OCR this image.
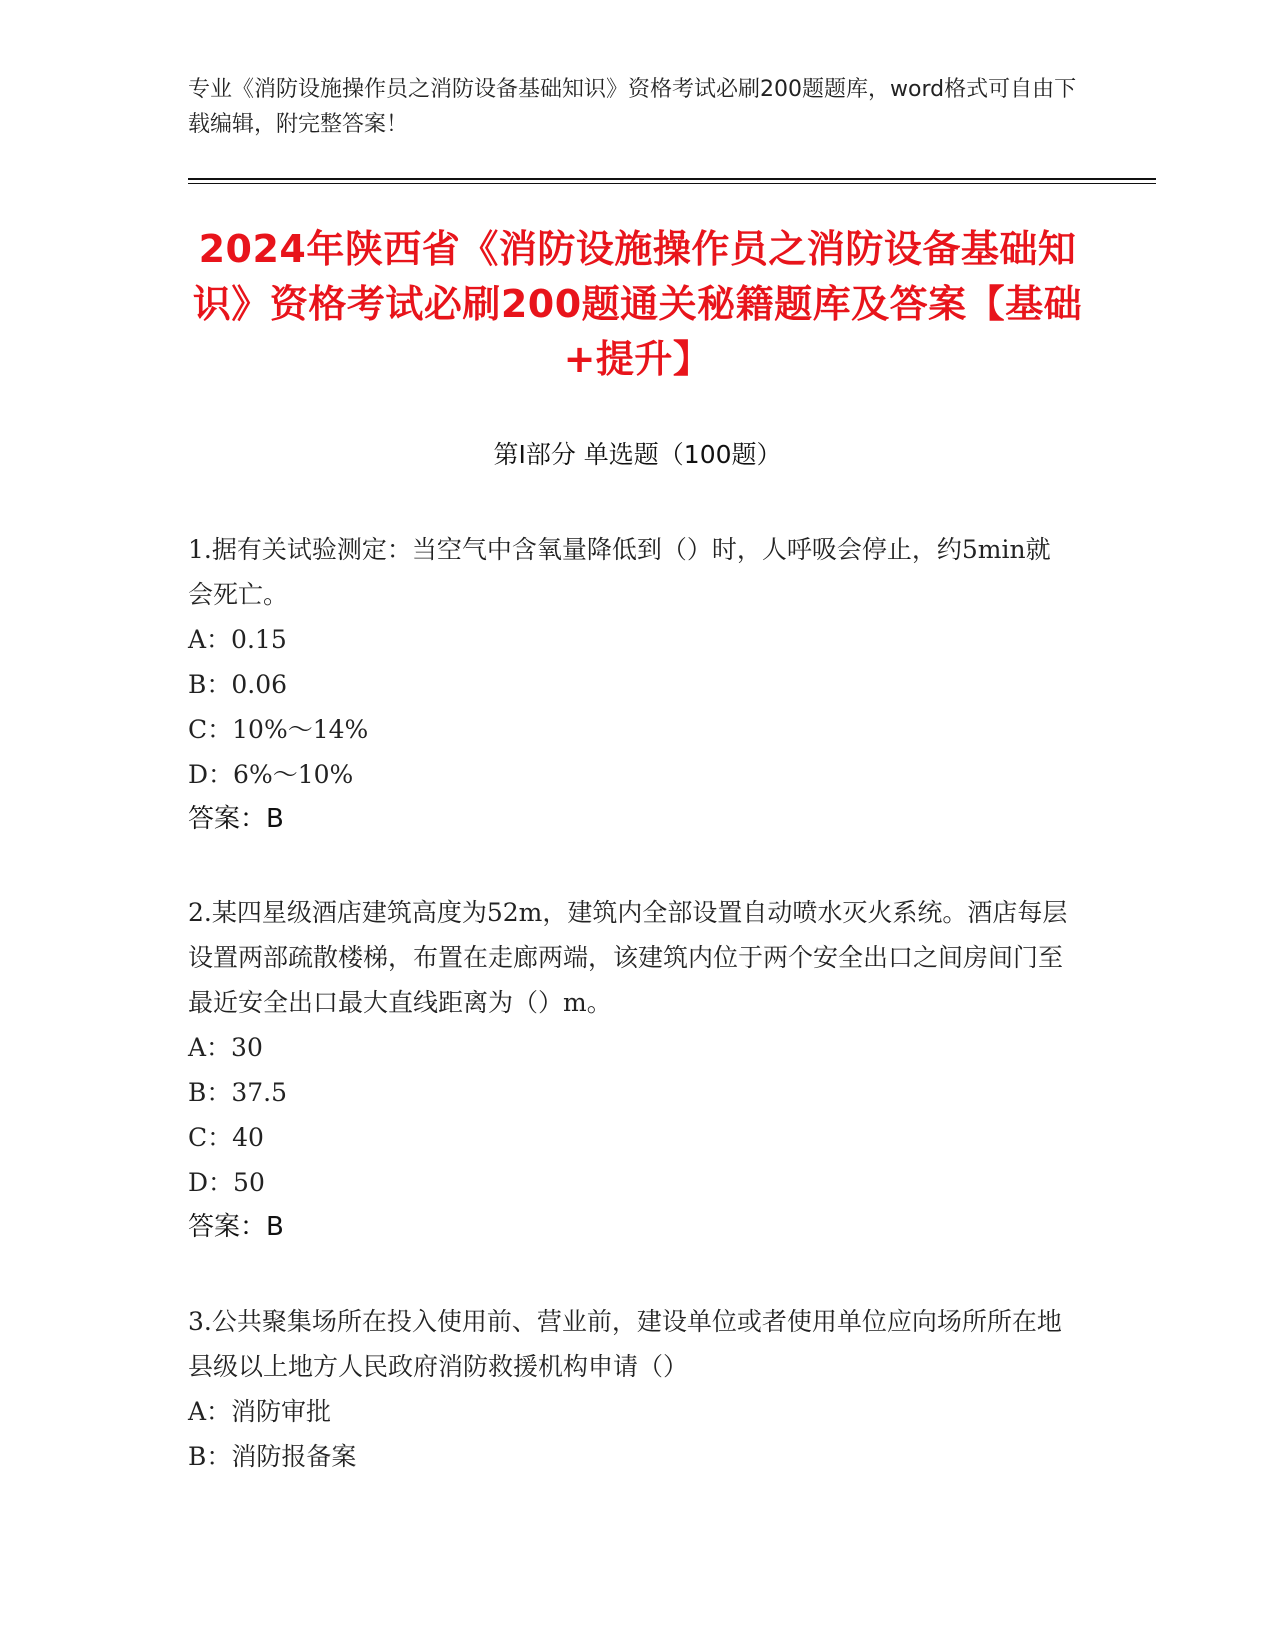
专业《消防设施操作员之消防设备基础知识》资格考试必刷200题题库，word格式可自由下载编辑，附完整答案！
2024年陕西省《消防设施操作员之消防设备基础知识》资格考试必刷200题通关秘籍题库及答案【基础+提升】
第I部分 单选题（100题）
1.据有关试验测定：当空气中含氧量降低到（）时，人呼吸会停止，约5min就会死亡。
A：0.15
B：0.06
C：10%～14%
D：6%～10%
答案：B
2.某四星级酒店建筑高度为52m，建筑内全部设置自动喷水灭火系统。酒店每层设置两部疏散楼梯，布置在走廊两端，该建筑内位于两个安全出口之间房间门至最近安全出口最大直线距离为（）m。
A：30
B：37.5
C：40
D：50
答案：B
3.公共聚集场所在投入使用前、营业前，建设单位或者使用单位应向场所所在地县级以上地方人民政府消防救援机构申请（）
A：消防审批
B：消防报备案
